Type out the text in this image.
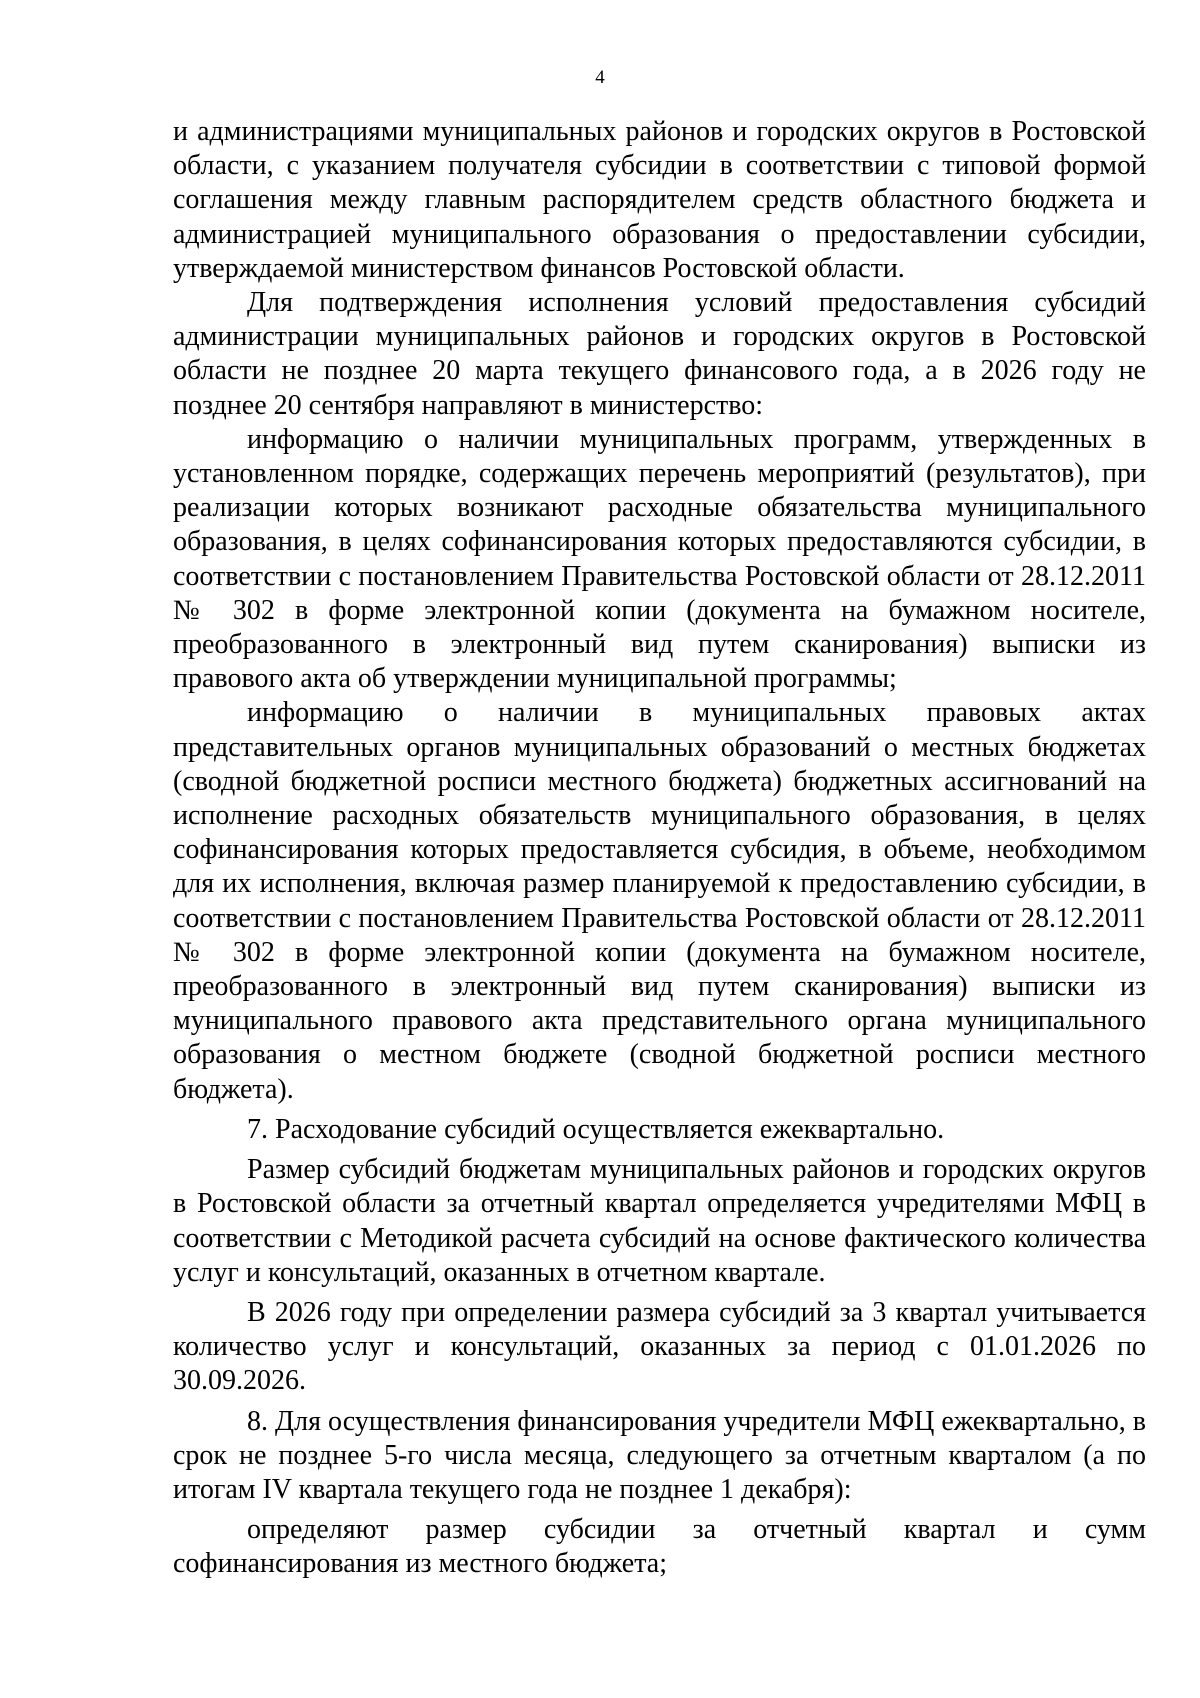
4

и администрациями муниципальных районов и городских округов в Ростовской области, с указанием получателя субсидии в соответствии с типовой формой соглашения между главным распорядителем средств областного бюджета и администрацией муниципального образования о предоставлении субсидии, утверждаемой министерством финансов Ростовской области.

Для подтверждения исполнения условий предоставления субсидий администрации муниципальных районов и городских округов в Ростовской области не позднее 20 марта текущего финансового года, а в 2026 году не позднее 20 сентября направляют в министерство:

информацию о наличии муниципальных программ, утвержденных в установленном порядке, содержащих перечень мероприятий (результатов), при реализации которых возникают расходные обязательства муниципального образования, в целях софинансирования которых предоставляются субсидии, в соответствии с постановлением Правительства Ростовской области от 28.12.2011 № 302 в форме электронной копии (документа на бумажном носителе, преобразованного в электронный вид путем сканирования) выписки из правового акта об утверждении муниципальной программы;

информацию о наличии в муниципальных правовых актах представительных органов муниципальных образований о местных бюджетах (сводной бюджетной росписи местного бюджета) бюджетных ассигнований на исполнение расходных обязательств муниципального образования, в целях софинансирования которых предоставляется субсидия, в объеме, необходимом для их исполнения, включая размер планируемой к предоставлению субсидии, в соответствии с постановлением Правительства Ростовской области от 28.12.2011 № 302 в форме электронной копии (документа на бумажном носителе, преобразованного в электронный вид путем сканирования) выписки из муниципального правового акта представительного органа муниципального образования о местном бюджете (сводной бюджетной росписи местного бюджета).

7. Расходование субсидий осуществляется ежеквартально.

Размер субсидий бюджетам муниципальных районов и городских округов в Ростовской области за отчетный квартал определяется учредителями МФЦ в соответствии с Методикой расчета субсидий на основе фактического количества услуг и консультаций, оказанных в отчетном квартале.

В 2026 году при определении размера субсидий за 3 квартал учитывается количество услуг и консультаций, оказанных за период с 01.01.2026 по 30.09.2026.

8. Для осуществления финансирования учредители МФЦ ежеквартально, в срок не позднее 5-го числа месяца, следующего за отчетным кварталом (а по итогам IV квартала текущего года не позднее 1 декабря):

определяют размер субсидии за отчетный квартал и сумм софинансирования из местного бюджета;
